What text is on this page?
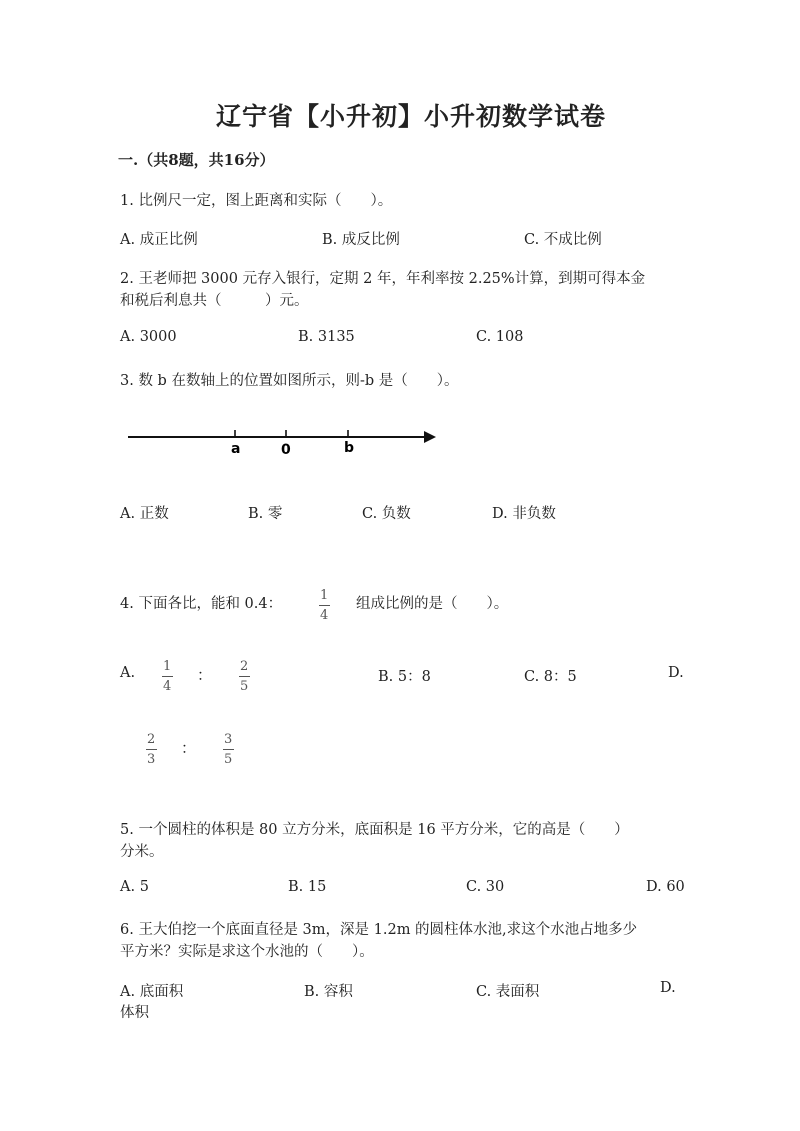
辽宁省【小升初】小升初数学试卷
一.（共8题，共16分）
1. 比例尺一定，图上距离和实际（　　）。
A. 成正比例	B. 成反比例	C. 不成比例
2. 王老师把 3000 元存入银行，定期 2 年，年利率按 2.25%计算，到期可得本金
和税后利息共（　　　）元。
A. 3000	B. 3135	C. 108
3. 数 b 在数轴上的位置如图所示，则-b 是（　　）。
a	0	b
A. 正数	B. 零	C. 负数	D. 非负数
4. 下面各比，能和 0.4：
1
4
组成比例的是（　　）。
A. 1
4
： 2
5
B. 5：8	C. 8：5	D.
2
3
： 3
5
5. 一个圆柱的体积是 80 立方分米，底面积是 16 平方分米，它的高是（　　）
分米。
A. 5	B. 15	C. 30	D. 60
6. 王大伯挖一个底面直径是 3m，深是 1.2m 的圆柱体水池,求这个水池占地多少
平方米？实际是求这个水池的（　　）。
A. 底面积	B. 容积	C. 表面积	D.
体积
